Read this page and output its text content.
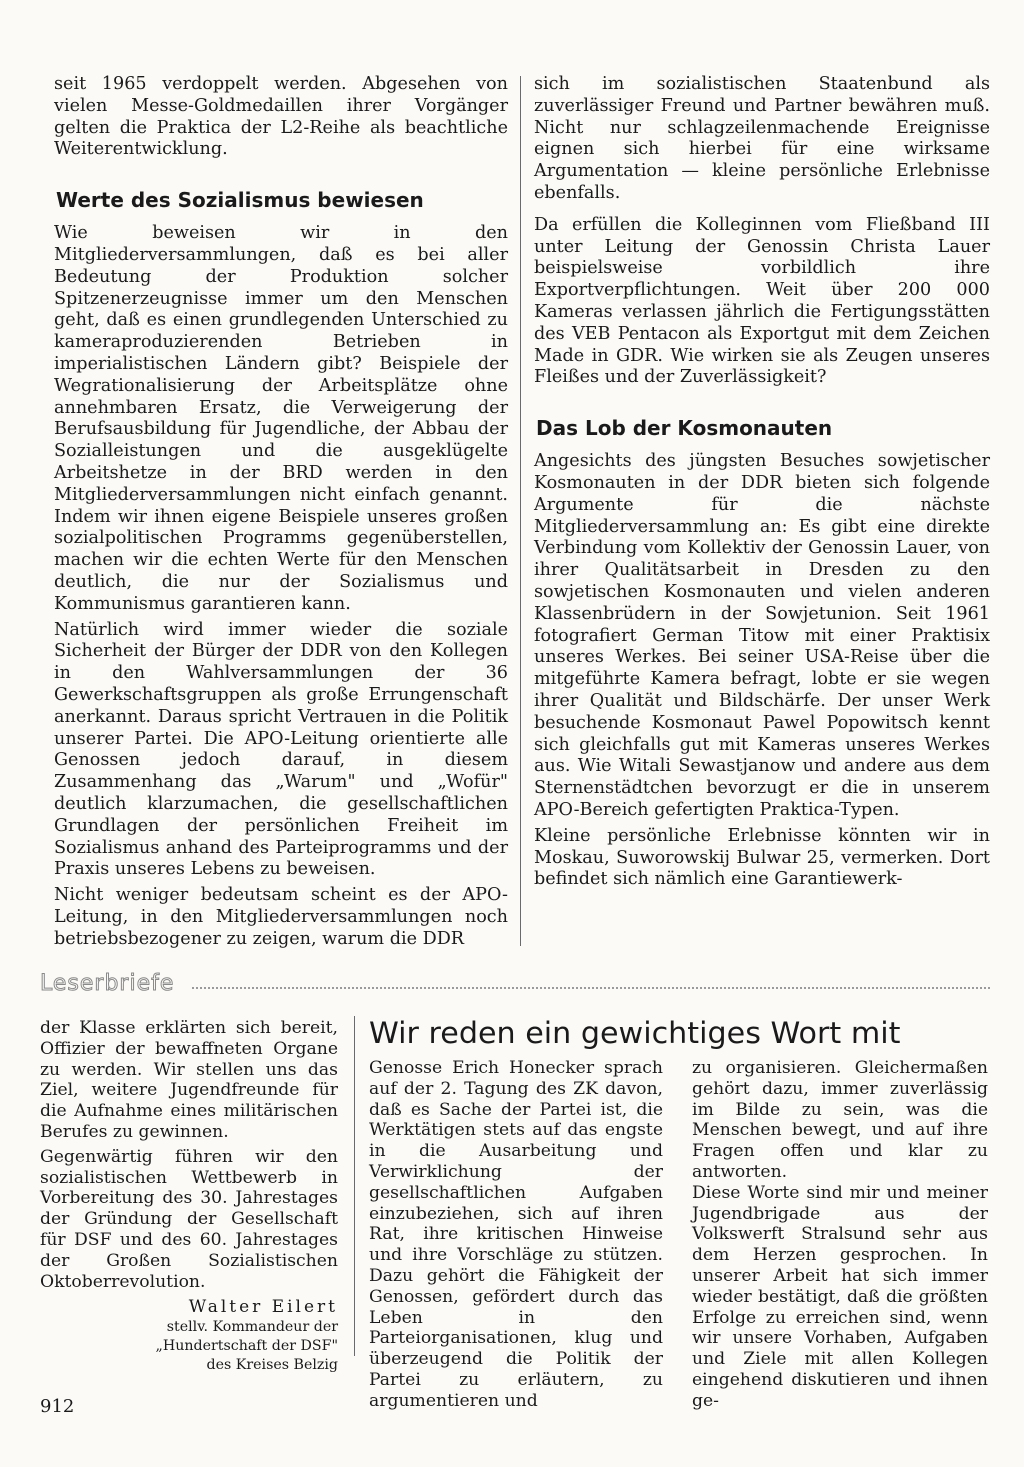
seit 1965 verdoppelt werden. Abgesehen von vielen Messe-Goldmedaillen ihrer Vorgänger gelten die Praktica der L2-Reihe als beachtliche Weiterentwicklung.

Werte des Sozialismus bewiesen

Wie beweisen wir in den Mitgliederversammlungen, daß es bei aller Bedeutung der Produktion solcher Spitzenerzeugnisse immer um den Menschen geht, daß es einen grundlegenden Unterschied zu kameraproduzierenden Betrieben in imperialistischen Ländern gibt? Beispiele der Wegrationalisierung der Arbeitsplätze ohne annehmbaren Ersatz, die Verweigerung der Berufsausbildung für Jugendliche, der Abbau der Sozialleistungen und die ausgeklügelte Arbeitshetze in der BRD werden in den Mitgliederversammlungen nicht einfach genannt. Indem wir ihnen eigene Beispiele unseres großen sozialpolitischen Programms gegenüberstellen, machen wir die echten Werte für den Menschen deutlich, die nur der Sozialismus und Kommunismus garantieren kann.

Natürlich wird immer wieder die soziale Sicherheit der Bürger der DDR von den Kollegen in den Wahlversammlungen der 36 Gewerkschaftsgruppen als große Errungenschaft anerkannt. Daraus spricht Vertrauen in die Politik unserer Partei. Die APO-Leitung orientierte alle Genossen jedoch darauf, in diesem Zusammenhang das „Warum" und „Wofür" deutlich klarzumachen, die gesellschaftlichen Grundlagen der persönlichen Freiheit im Sozialismus anhand des Parteiprogramms und der Praxis unseres Lebens zu beweisen.

Nicht weniger bedeutsam scheint es der APO-Leitung, in den Mitgliederversammlungen noch betriebsbezogener zu zeigen, warum die DDR

sich im sozialistischen Staatenbund als zuverlässiger Freund und Partner bewähren muß. Nicht nur schlagzeilenmachende Ereignisse eignen sich hierbei für eine wirksame Argumentation — kleine persönliche Erlebnisse ebenfalls.

Da erfüllen die Kolleginnen vom Fließband III unter Leitung der Genossin Christa Lauer beispielsweise vorbildlich ihre Exportverpflichtungen. Weit über 200 000 Kameras verlassen jährlich die Fertigungsstätten des VEB Pentacon als Exportgut mit dem Zeichen Made in GDR. Wie wirken sie als Zeugen unseres Fleißes und der Zuverlässigkeit?

Das Lob der Kosmonauten

Angesichts des jüngsten Besuches sowjetischer Kosmonauten in der DDR bieten sich folgende Argumente für die nächste Mitgliederversammlung an: Es gibt eine direkte Verbindung vom Kollektiv der Genossin Lauer, von ihrer Qualitätsarbeit in Dresden zu den sowjetischen Kosmonauten und vielen anderen Klassenbrüdern in der Sowjetunion. Seit 1961 fotografiert German Titow mit einer Praktisix unseres Werkes. Bei seiner USA-Reise über die mitgeführte Kamera befragt, lobte er sie wegen ihrer Qualität und Bildschärfe. Der unser Werk besuchende Kosmonaut Pawel Popowitsch kennt sich gleichfalls gut mit Kameras unseres Werkes aus. Wie Witali Sewastjanow und andere aus dem Sternenstädtchen bevorzugt er die in unserem APO-Bereich gefertigten Praktica-Typen.

Kleine persönliche Erlebnisse könnten wir in Moskau, Suworowskij Bulwar 25, vermerken. Dort befindet sich nämlich eine Garantiewerk-

Leserbriefe

der Klasse erklärten sich bereit, Offizier der bewaffneten Organe zu werden. Wir stellen uns das Ziel, weitere Jugendfreunde für die Aufnahme eines militärischen Berufes zu gewinnen.

Gegenwärtig führen wir den sozialistischen Wettbewerb in Vorbereitung des 30. Jahrestages der Gründung der Gesellschaft für DSF und des 60. Jahrestages der Großen Sozialistischen Oktoberrevolution.

Walter Eilert
stellv. Kommandeur der
„Hundertschaft der DSF"
des Kreises Belzig
Wir reden ein gewichtiges Wort mit

Genosse Erich Honecker sprach auf der 2. Tagung des ZK davon, daß es Sache der Partei ist, die Werktätigen stets auf das engste in die Ausarbeitung und Verwirklichung der gesellschaftlichen Aufgaben einzubeziehen, sich auf ihren Rat, ihre kritischen Hinweise und ihre Vorschläge zu stützen. Dazu gehört die Fähigkeit der Genossen, gefördert durch das Leben in den Parteiorganisationen, klug und überzeugend die Politik der Partei zu erläutern, zu argumentieren und

zu organisieren. Gleichermaßen gehört dazu, immer zuverlässig im Bilde zu sein, was die Menschen bewegt, und auf ihre Fragen offen und klar zu antworten.

Diese Worte sind mir und meiner Jugendbrigade aus der Volkswerft Stralsund sehr aus dem Herzen gesprochen. In unserer Arbeit hat sich immer wieder bestätigt, daß die größten Erfolge zu erreichen sind, wenn wir unsere Vorhaben, Aufgaben und Ziele mit allen Kollegen eingehend diskutieren und ihnen ge-

912
